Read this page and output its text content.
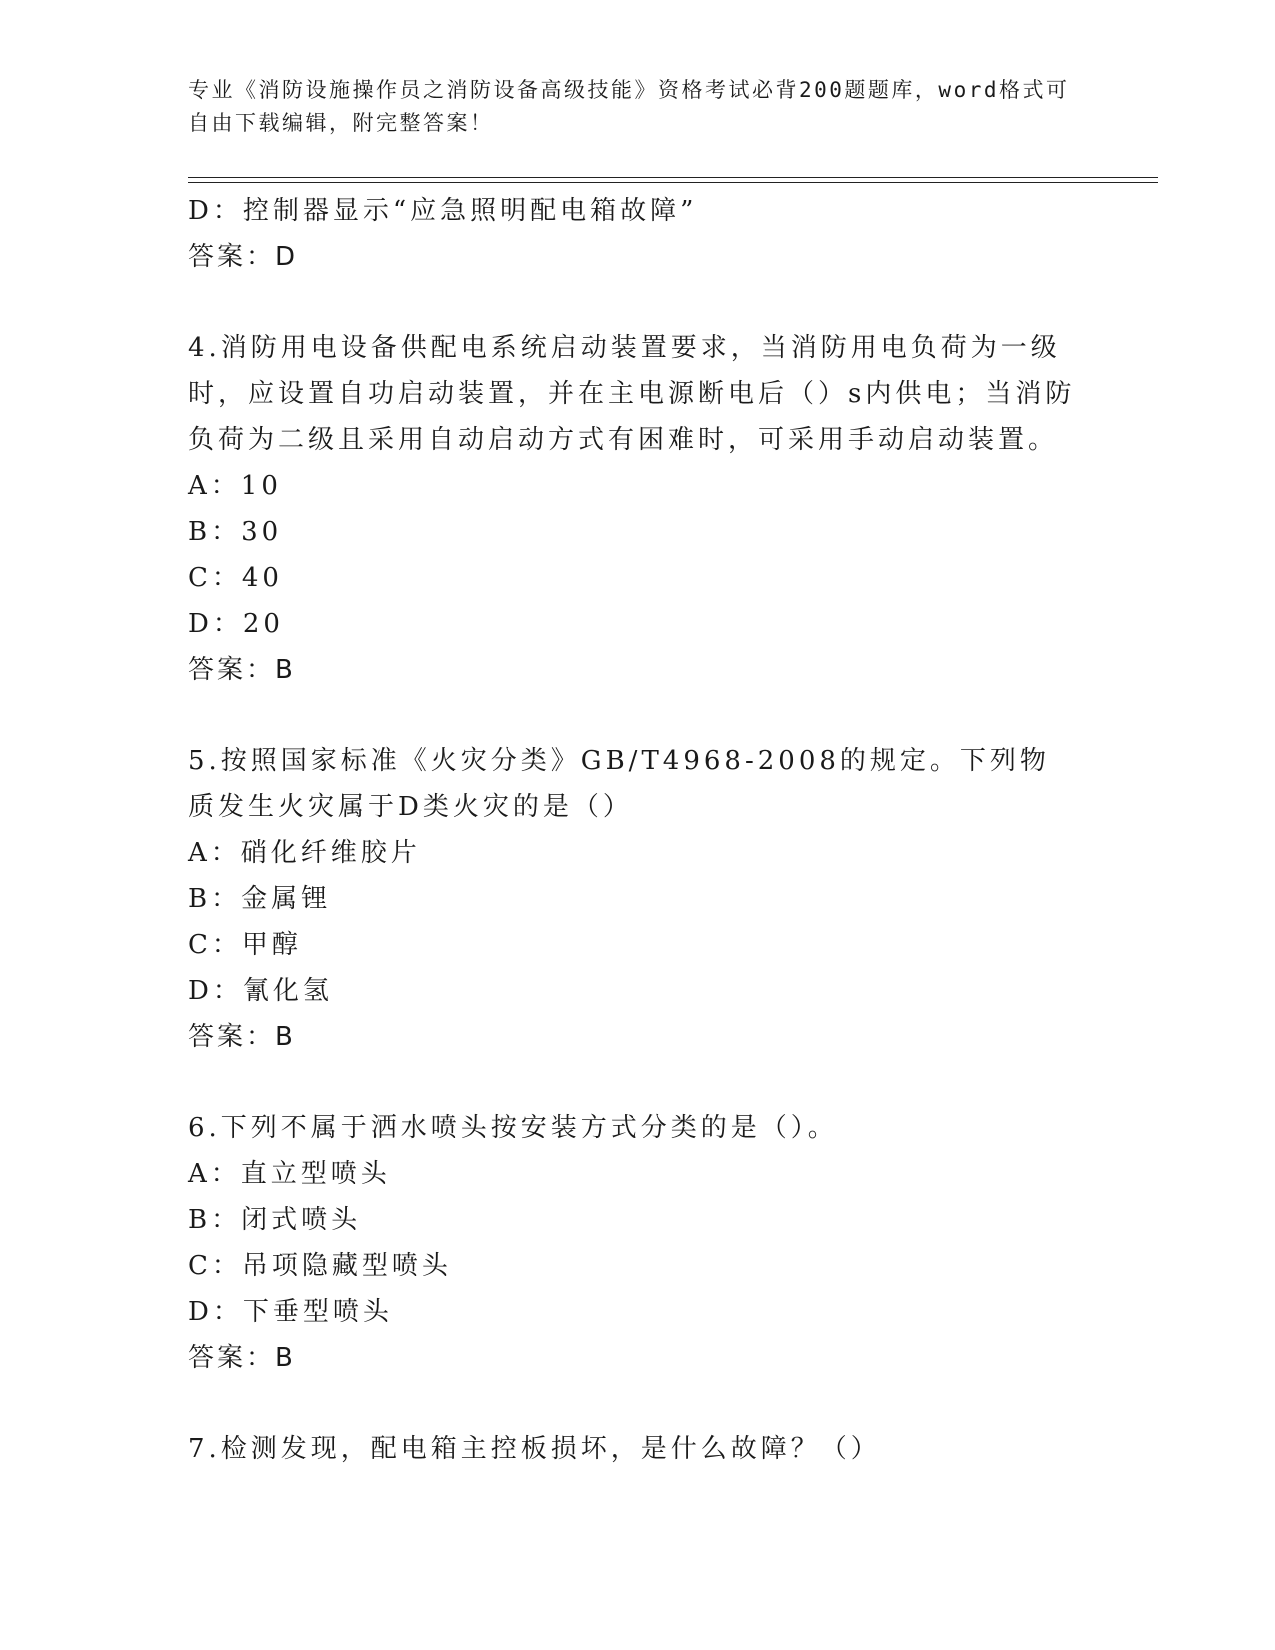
专业《消防设施操作员之消防设备高级技能》资格考试必背200题题库，word格式可自由下载编辑，附完整答案！
D：控制器显示“应急照明配电箱故障”
答案：D
4.消防用电设备供配电系统启动装置要求，当消防用电负荷为一级时，应设置自功启动装置，并在主电源断电后（）s内供电；当消防负荷为二级且采用自动启动方式有困难时，可采用手动启动装置。
A：10
B：30
C：40
D：20
答案：B
5.按照国家标准《火灾分类》GB/T4968-2008的规定。下列物质发生火灾属于D类火灾的是（）
A：硝化纤维胶片
B：金属锂
C：甲醇
D：氰化氢
答案：B
6.下列不属于洒水喷头按安装方式分类的是（）。
A：直立型喷头
B：闭式喷头
C：吊项隐藏型喷头
D：下垂型喷头
答案：B
7.检测发现，配电箱主控板损坏，是什么故障？（）
